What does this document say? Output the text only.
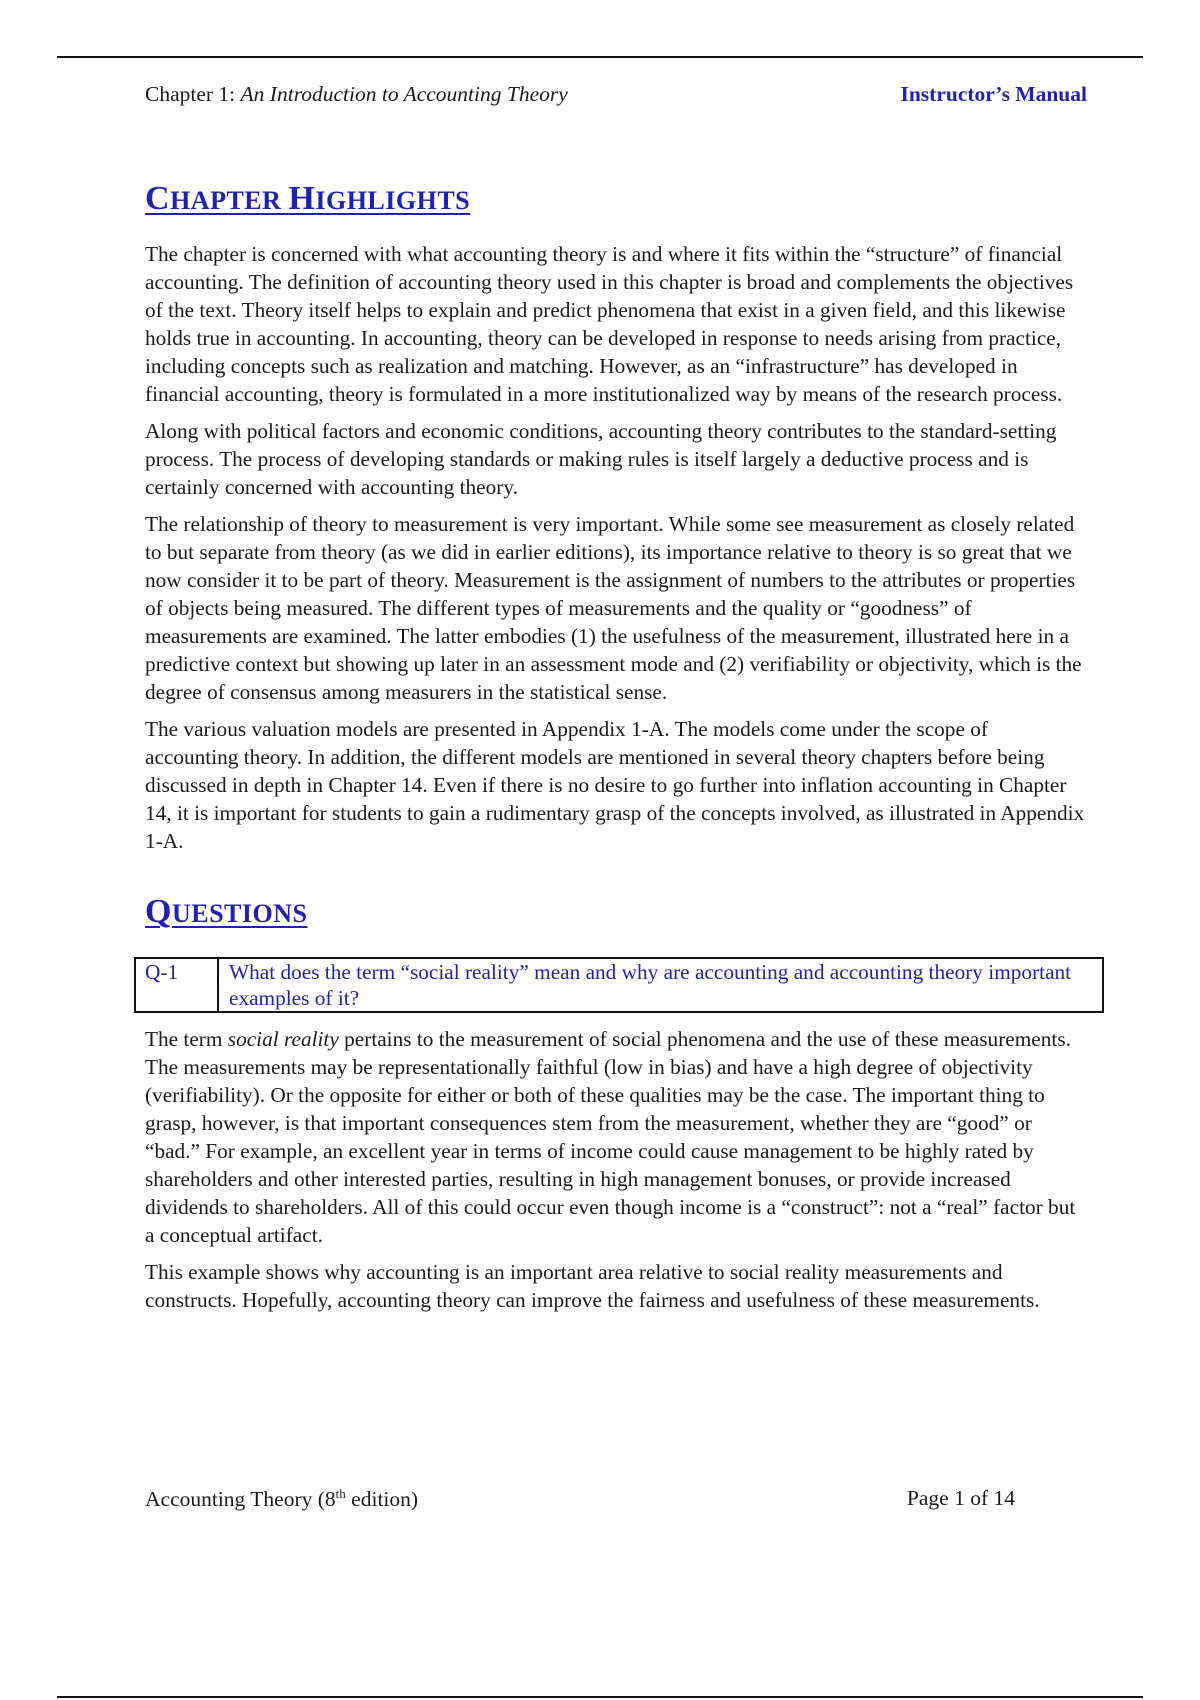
Chapter 1: An Introduction to Accounting Theory	Instructor’s Manual
CHAPTER HIGHLIGHTS

The chapter is concerned with what accounting theory is and where it fits within the “structure” of financial accounting. The definition of accounting theory used in this chapter is broad and complements the objectives of the text. Theory itself helps to explain and predict phenomena that exist in a given field, and this likewise holds true in accounting. In accounting, theory can be developed in response to needs arising from practice, including concepts such as realization and matching. However, as an “infrastructure” has developed in financial accounting, theory is formulated in a more institutionalized way by means of the research process.

Along with political factors and economic conditions, accounting theory contributes to the standard-setting process. The process of developing standards or making rules is itself largely a deductive process and is certainly concerned with accounting theory.

The relationship of theory to measurement is very important. While some see measurement as closely related to but separate from theory (as we did in earlier editions), its importance relative to theory is so great that we now consider it to be part of theory. Measurement is the assignment of numbers to the attributes or properties of objects being measured. The different types of measurements and the quality or “goodness” of measurements are examined. The latter embodies (1) the usefulness of the measurement, illustrated here in a predictive context but showing up later in an assessment mode and (2) verifiability or objectivity, which is the degree of consensus among measurers in the statistical sense.

The various valuation models are presented in Appendix 1-A. The models come under the scope of accounting theory. In addition, the different models are mentioned in several theory chapters before being discussed in depth in Chapter 14. Even if there is no desire to go further into inflation accounting in Chapter 14, it is important for students to gain a rudimentary grasp of the concepts involved, as illustrated in Appendix 1-A.

QUESTIONS
Q-1	What does the term “social reality” mean and why are accounting and accounting theory important examples of it?

The term social reality pertains to the measurement of social phenomena and the use of these measurements. The measurements may be representationally faithful (low in bias) and have a high degree of objectivity (verifiability). Or the opposite for either or both of these qualities may be the case. The important thing to grasp, however, is that important consequences stem from the measurement, whether they are “good” or “bad.” For example, an excellent year in terms of income could cause management to be highly rated by shareholders and other interested parties, resulting in high management bonuses, or provide increased dividends to shareholders. All of this could occur even though income is a “construct”: not a “real” factor but a conceptual artifact.

This example shows why accounting is an important area relative to social reality measurements and constructs. Hopefully, accounting theory can improve the fairness and usefulness of these measurements.

Accounting Theory (8th edition)	Page 1 of 14
